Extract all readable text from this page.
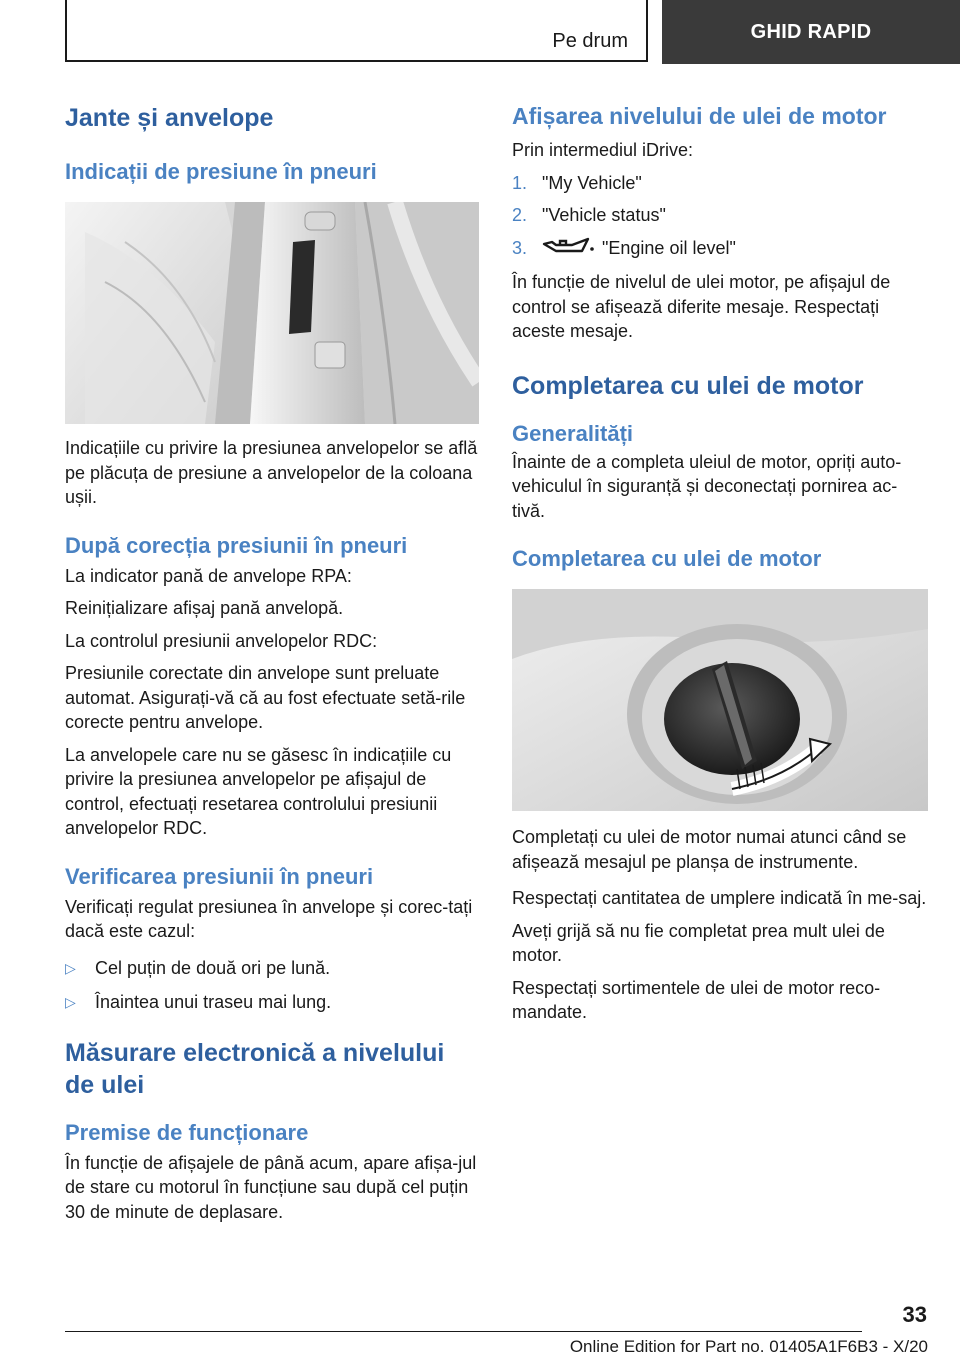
Pe drum	GHID RAPID
Jante și anvelope
Indicații de presiune în pneuri

Indicațiile cu privire la presiunea anvelopelor se află pe plăcuța de presiune a anvelopelor de la coloana ușii.

După corecția presiunii în pneuri

La indicator pană de anvelope RPA:

Reinițializare afișaj pană anvelopă.

La controlul presiunii anvelopelor RDC:

Presiunile corectate din anvelope sunt preluate automat. Asigurați-vă că au fost efectuate setă-rile corecte pentru anvelope.

La anvelopele care nu se găsesc în indicațiile cu privire la presiunea anvelopelor pe afișajul de control, efectuați resetarea controlului presiunii anvelopelor RDC.

Verificarea presiunii în pneuri

Verificați regulat presiunea în anvelope și corec-tați dacă este cazul:

▷ Cel puțin de două ori pe lună.
▷ Înaintea unui traseu mai lung.
Măsurare electronică a nivelului de ulei
Premise de funcționare

În funcție de afișajele de până acum, apare afișa-jul de stare cu motorul în funcțiune sau după cel puțin 30 de minute de deplasare.

Afișarea nivelului de ulei de motor

Prin intermediul iDrive:

1. "My Vehicle"
2. "Vehicle status"
3.	"Engine oil level"

În funcție de nivelul de ulei motor, pe afișajul de control se afișează diferite mesaje. Respectați aceste mesaje.

Completarea cu ulei de motor
Generalități

Înainte de a completa uleiul de motor, opriți auto-vehiculul în siguranță și deconectați pornirea ac-tivă.

Completarea cu ulei de motor

Completați cu ulei de motor numai atunci când se afișează mesajul pe planșa de instrumente.

Respectați cantitatea de umplere indicată în me-saj.

Aveți grijă să nu fie completat prea mult ulei de motor.

Respectați sortimentele de ulei de motor reco-mandate.

33
Online Edition for Part no. 01405A1F6B3 - X/20
